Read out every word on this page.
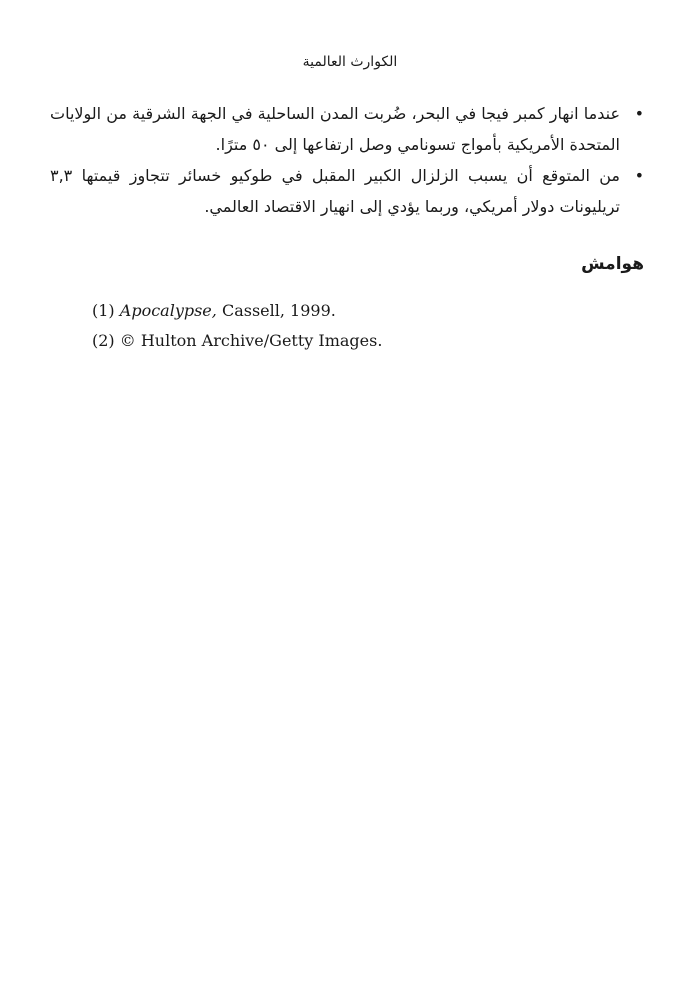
الكوارث العالمية
•
عندما انهار كمبر فيجا في البحر، ضُربت المدن الساحلية في الجهة الشرقية من الولايات المتحدة الأمريكية بأمواج تسونامي وصل ارتفاعها إلى ٥٠ مترًا.
•
من المتوقع أن يسبب الزلزال الكبير المقبل في طوكيو خسائر تتجاوز قيمتها ٣,٣ تريليونات دولار أمريكي، وربما يؤدي إلى انهيار الاقتصاد العالمي.
هوامش
(1) Apocalypse, Cassell, 1999.
(2) © Hulton Archive/Getty Images.
